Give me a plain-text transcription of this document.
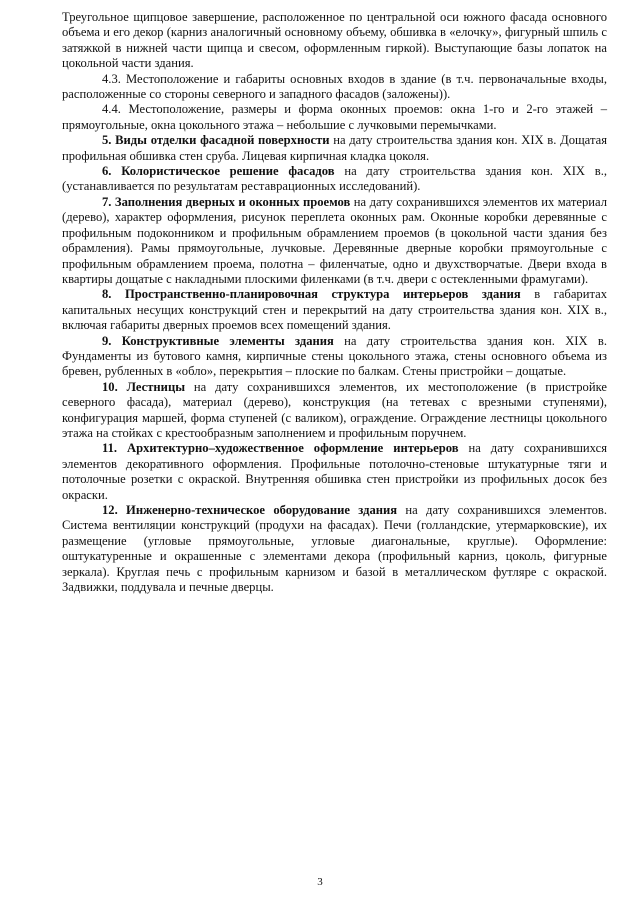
Треугольное щипцовое завершение, расположенное по центральной оси южного фасада основного объема и его декор (карниз аналогичный основному объему, обшивка в «елочку», фигурный шпиль с затяжкой в нижней части щипца и свесом, оформленным гиркой). Выступающие базы лопаток на цокольной части здания.

4.3. Местоположение и габариты основных входов в здание (в т.ч. первоначальные входы, расположенные со стороны северного и западного фасадов (заложены)).

4.4. Местоположение, размеры и форма оконных проемов: окна 1-го и 2-го этажей – прямоугольные, окна цокольного этажа – небольшие с лучковыми перемычками.

5. Виды отделки фасадной поверхности на дату строительства здания кон. XIX в. Дощатая профильная обшивка стен сруба. Лицевая кирпичная кладка цоколя.

6. Колористическое решение фасадов на дату строительства здания кон. XIX в., (устанавливается по результатам реставрационных исследований).

7. Заполнения дверных и оконных проемов на дату сохранившихся элементов их материал (дерево), характер оформления, рисунок переплета оконных рам. Оконные коробки деревянные с профильным подоконником и профильным обрамлением проемов (в цокольной части здания без обрамления). Рамы прямоугольные, лучковые. Деревянные дверные коробки прямоугольные с профильным обрамлением проема, полотна – филенчатые, одно и двухстворчатые. Двери входа в квартиры дощатые с накладными плоскими филенками (в т.ч. двери с остекленными фрамугами).

8. Пространственно-планировочная структура интерьеров здания в габаритах капитальных несущих конструкций стен и перекрытий на дату строительства здания кон. XIX в., включая габариты дверных проемов всех помещений здания.

9. Конструктивные элементы здания на дату строительства здания кон. XIX в. Фундаменты из бутового камня, кирпичные стены цокольного этажа, стены основного объема из бревен, рубленных в «обло», перекрытия – плоские по балкам. Стены пристройки – дощатые.

10. Лестницы на дату сохранившихся элементов, их местоположение (в пристройке северного фасада), материал (дерево), конструкция (на тетевах с врезными ступенями), конфигурация маршей, форма ступеней (с валиком), ограждение. Ограждение лестницы цокольного этажа на стойках с крестообразным заполнением и профильным поручнем.

11. Архитектурно–художественное оформление интерьеров на дату сохранившихся элементов декоративного оформления. Профильные потолочно-стеновые штукатурные тяги и потолочные розетки с окраской. Внутренняя обшивка стен пристройки из профильных досок без окраски.

12. Инженерно-техническое оборудование здания на дату сохранившихся элементов. Система вентиляции конструкций (продухи на фасадах). Печи (голландские, утермарковские), их размещение (угловые прямоугольные, угловые диагональные, круглые). Оформление: оштукатуренные и окрашенные с элементами декора (профильный карниз, цоколь, фигурные зеркала). Круглая печь с профильным карнизом и базой в металлическом футляре с окраской. Задвижки, поддувала и печные дверцы.

3
